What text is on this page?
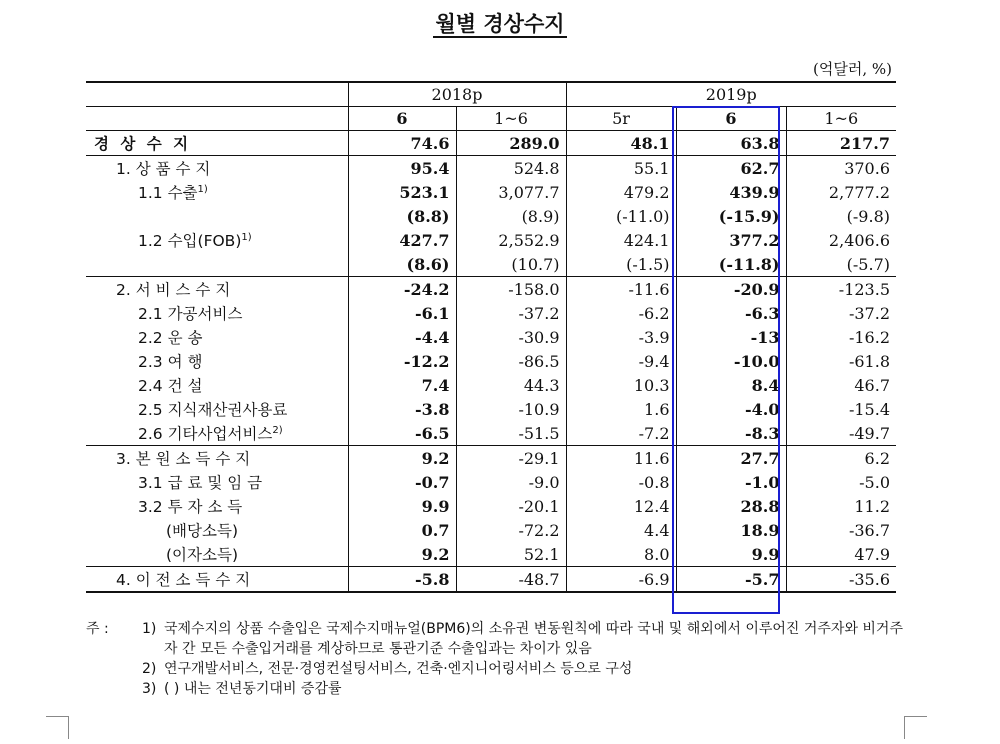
월별 경상수지
(억달러, %)
	2018p		2019p		
	6	1~6	5r	6	1~6
경 상 수 지	74.6	289.0	48.1	63.8	217.7
1. 상 품 수 지	95.4	524.8	55.1	62.7	370.6
1.1 수출$^{1)}$	523.1	3,077.7	479.2	439.9	2,777.2
	(8.8)	(8.9)	(-11.0)	(-15.9)	(-9.8)
1.2 수입(FOB)$^{1)}$	427.7	2,552.9	424.1	377.2	2,406.6
	(8.6)	(10.7)	(-1.5)	(-11.8)	(-5.7)
2. 서 비 스 수 지	-24.2	-158.0	-11.6	-20.9	-123.5
2.1 가공서비스	-6.1	-37.2	-6.2	-6.3	-37.2
2.2 운 송	-4.4	-30.9	-3.9	-13	-16.2
2.3 여 행	-12.2	-86.5	-9.4	-10.0	-61.8
2.4 건 설	7.4	44.3	10.3	8.4	46.7
2.5 지식재산권사용료	-3.8	-10.9	1.6	-4.0	-15.4
2.6 기타사업서비스$^{2)}$	-6.5	-51.5	-7.2	-8.3	-49.7
3. 본 원 소 득 수 지	9.2	-29.1	11.6	27.7	6.2
3.1 급 료 및 임 금	-0.7	-9.0	-0.8	-1.0	-5.0
3.2 투 자 소 득	9.9	-20.1	12.4	28.8	11.2
(배당소득)	0.7	-72.2	4.4	18.9	-36.7
(이자소득)	9.2	52.1	8.0	9.9	47.9
4. 이 전 소 득 수 지	-5.8	-48.7	-6.9	-5.7	-35.6
주 :	1) 국제수지의 상품 수출입은 국제수지매뉴얼(BPM6)의 소유권 변동원칙에 따라 국내 및 해외에서 이루어진 거주자와 비거주자 간 모든 수출입거래를 계상하므로 통관기준 수출입과는 차이가 있음
2) 연구개발서비스, 전문·경영컨설팅서비스, 건축·엔지니어링서비스 등으로 구성
3) ( ) 내는 전년동기대비 증감률
